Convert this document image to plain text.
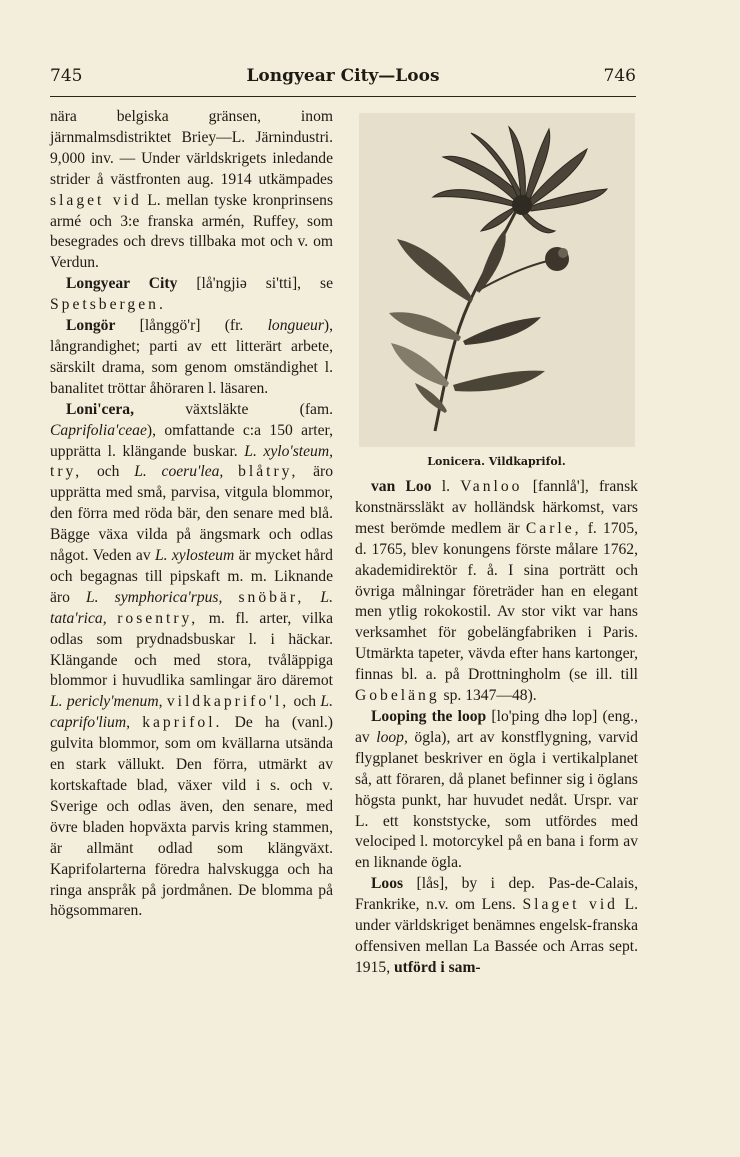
745	Longyear City—Loos	746

nära belgiska gränsen, inom järnmalmsdistriktet Briey—L. Järnindustri. 9,000 inv. — Under världskrigets inledande strider å västfronten aug. 1914 utkämpades slaget vid L. mellan tyske kronprinsens armé och 3:e franska armén, Ruffey, som besegrades och drevs tillbaka mot och v. om Verdun.

Longyear City [lå'ngjiə si'tti], se Spetsbergen.

Longör [långgö'r] (fr. longueur), långrandighet; parti av ett litterärt arbete, särskilt drama, som genom omständighet l. banalitet tröttar åhöraren l. läsaren.

Loni'cera,	växtsläkte (fam. Caprifolia'ceae), omfattande c:a 150 arter, upprätta l. klängande buskar. L. xylo'steum, try, och L. coeru'lea, blåtry, äro upprätta med små, parvisa, vitgula blommor, den förra med röda bär, den senare med blå. Bägge växa vilda på ängsmark och odlas något. Veden av L. xylosteum är mycket hård och begagnas till pipskaft m. m. Liknande äro L. symphorica'rpus, snöbär, L. tata'rica, rosentry, m. fl. arter, vilka odlas som prydnadsbuskar l. i häckar. Klängande och med stora, tvåläppiga blommor i huvudlika samlingar äro däremot L. pericly'menum, vildkaprifo'l, och L. caprifo'lium, kaprifol. De ha (vanl.) gulvita blommor, som om kvällarna utsända en stark vällukt. Den förra, utmärkt av kortskaftade blad, växer vild i s. och v. Sverige och odlas även, den senare, med övre bladen hopväxta parvis kring stammen, är allmänt odlad som klängväxt. Kaprifolarterna föredra halvskugga och ha ringa anspråk på jordmånen. De blomma på högsommaren.

Lonicera. Vildkaprifol.

van Loo l. Vanloo [fannlå'], fransk konstnärssläkt av holländsk härkomst, vars mest berömde medlem är Carle, f. 1705, d. 1765, blev konungens förste målare 1762, akademidirektör f. å. I sina porträtt och övriga målningar företräder han en elegant men ytlig rokokostil. Av stor vikt var hans verksamhet för gobelängfabriken i Paris. Utmärkta tapeter, vävda efter hans kartonger, finnas bl. a. på Drottningholm (se ill. till Gobeläng sp. 1347—48).

Looping the loop [lo'ping dhə lop] (eng., av loop, ögla), art av konstflygning, varvid flygplanet beskriver en ögla i vertikalplanet så, att föraren, då planet befinner sig i öglans högsta punkt, har huvudet nedåt. Urspr. var L. ett konststycke, som utfördes med velociped l. motorcykel på en bana i form av en liknande ögla.

Loos [lås], by i dep. Pas-de-Calais, Frankrike, n.v. om Lens. Slaget vid L. under världskriget benämnes engelsk-franska offensiven mellan La Bassée och Arras sept. 1915, utförd i sam-
